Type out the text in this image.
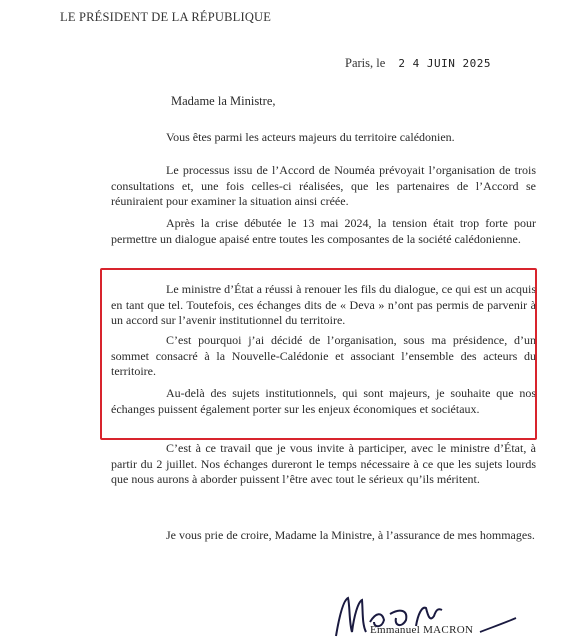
LE PRÉSIDENT DE LA RÉPUBLIQUE
Paris, le 2 4 JUIN 2025
Madame la Ministre,

Vous êtes parmi les acteurs majeurs du territoire calédonien.

Le processus issu de l’Accord de Nouméa prévoyait l’organisation de trois consultations et, une fois celles-ci réalisées, que les partenaires de l’Accord se réuniraient pour examiner la situation ainsi créée.

Après la crise débutée le 13 mai 2024, la tension était trop forte pour permettre un dialogue apaisé entre toutes les composantes de la société calédonienne.

Le ministre d’État a réussi à renouer les fils du dialogue, ce qui est un acquis en tant que tel. Toutefois, ces échanges dits de « Deva » n’ont pas permis de parvenir à un accord sur l’avenir institutionnel du territoire.

C’est pourquoi j’ai décidé de l’organisation, sous ma présidence, d’un sommet consacré à la Nouvelle-Calédonie et associant l’ensemble des acteurs du territoire.

Au-delà des sujets institutionnels, qui sont majeurs, je souhaite que nos échanges puissent également porter sur les enjeux économiques et sociétaux.

C’est à ce travail que je vous invite à participer, avec le ministre d’État, à partir du 2 juillet. Nos échanges dureront le temps nécessaire à ce que les sujets lourds que nous aurons à aborder puissent l’être avec tout le sérieux qu’ils méritent.

Je vous prie de croire, Madame la Ministre, à l’assurance de mes hommages.

Emmanuel MACRON
